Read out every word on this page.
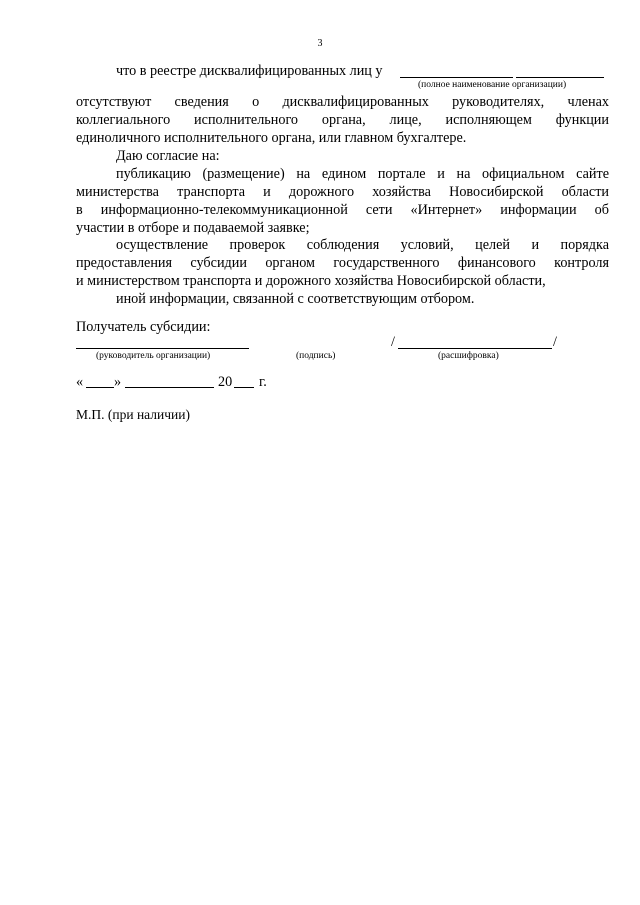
3
что в реестре дисквалифицированных лиц у
(полное наименование организации)
отсутствуют сведения о дисквалифицированных руководителях, членах
коллегиального исполнительного органа, лице, исполняющем функции
единоличного исполнительного органа, или главном бухгалтере.
Даю согласие на:
публикацию (размещение) на едином портале и на официальном сайте
министерства транспорта и дорожного хозяйства Новосибирской области
в информационно-телекоммуникационной сети «Интернет» информации об
участии в отборе и подаваемой заявке;
осуществление проверок соблюдения условий, целей и порядка
предоставления субсидии органом государственного финансового контроля
и министерством транспорта и дорожного хозяйства Новосибирской области,
иной информации, связанной с соответствующим отбором.
Получатель субсидии:
/	/
(руководитель организации)	(подпись)	(расшифровка)
« »	20 г.
М.П. (при наличии)
